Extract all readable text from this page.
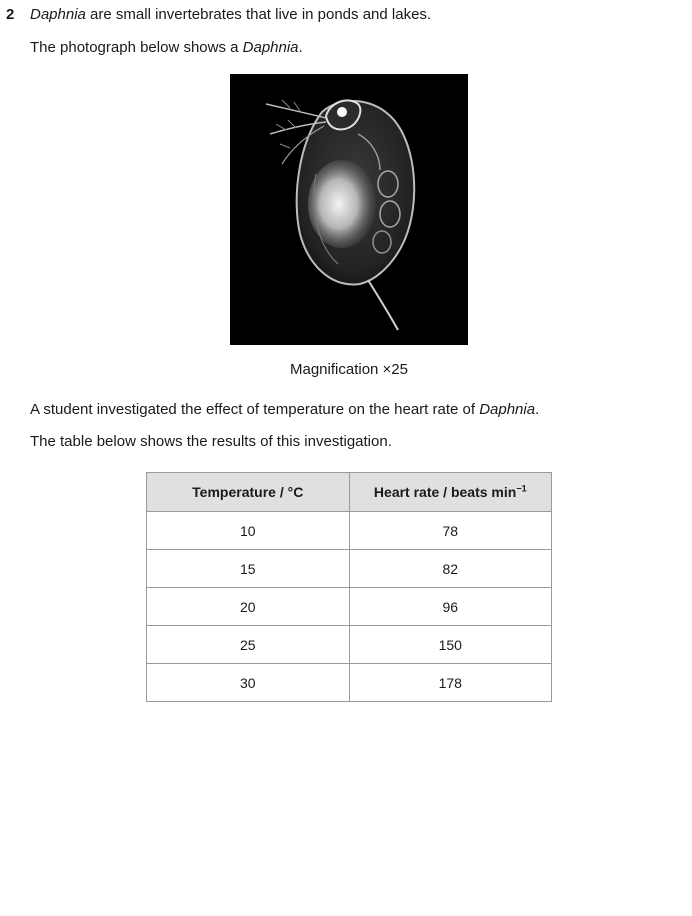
2 Daphnia are small invertebrates that live in ponds and lakes.
The photograph below shows a Daphnia.
Magnification ×25
A student investigated the effect of temperature on the heart rate of Daphnia.
The table below shows the results of this investigation.
Temperature / °C	Heart rate / beats $\min^{-1}$
10	78
15	82
20	96
25	150
30	178
